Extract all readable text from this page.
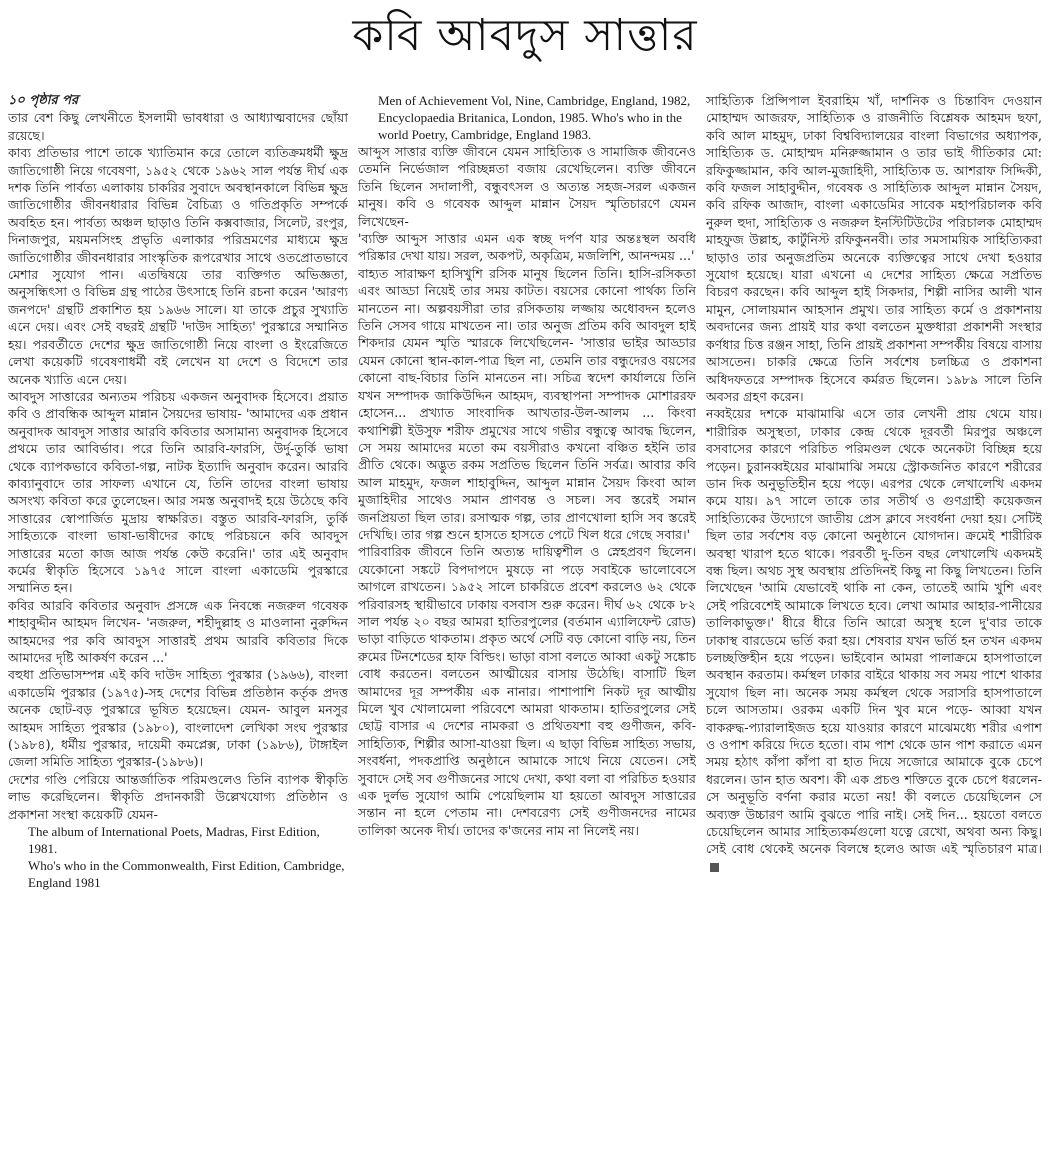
কবি আবদুস সাত্তার

১০ পৃষ্ঠার পর

তার বেশ কিছু লেখনীতে ইসলামী ভাবধারা ও আধ্যাত্মবাদের ছোঁয়া রয়েছে।

কাব্য প্রতিভার পাশে তাকে খ্যাতিমান করে তোলে ব্যতিক্রমধর্মী ক্ষুদ্র জাতিগোষ্ঠী নিয়ে গবেষণা, ১৯৫২ থেকে ১৯৬২ সাল পর্যন্ত দীর্ঘ এক দশক তিনি পার্বত্য এলাকায় চাকরির সুবাদে অবস্থানকালে বিভিন্ন ক্ষুদ্র জাতিগোষ্ঠীর জীবনধারার বিভিন্ন বৈচিত্র্য ও গতিপ্রকৃতি সম্পর্কে অবহিত হন। পার্বত্য অঞ্চল ছাড়াও তিনি কক্সবাজার, সিলেট, রংপুর, দিনাজপুর, ময়মনসিংহ প্রভৃতি এলাকার পরিভ্রমণের মাধ্যমে ক্ষুদ্র জাতিগোষ্ঠীর জীবনধারার সাংস্কৃতিক রূপরেখার সাথে ওতপ্রোতভাবে মেশার সুযোগ পান। এতদ্বিষয়ে তার ব্যক্তিগত অভিজ্ঞতা, অনুসন্ধিৎসা ও বিভিন্ন গ্রন্থ পাঠের উৎসাহে তিনি রচনা করেন 'আরণ্য জনপদে' গ্রন্থটি প্রকাশিত হয় ১৯৬৬ সালে। যা তাকে প্রচুর সুখ্যাতি এনে দেয়। এবং সেই বছরই গ্রন্থটি 'দাউদ সাহিত্য' পুরস্কারে সম্মানিত হয়। পরবর্তীতে দেশের ক্ষুদ্র জাতিগোষ্ঠী নিয়ে বাংলা ও ইংরেজিতে লেখা কয়েকটি গবেষণাধর্মী বই লেখেন যা দেশে ও বিদেশে তার অনেক খ্যাতি এনে দেয়।

আবদুস সাত্তারের অন্যতম পরিচয় একজন অনুবাদক হিসেবে। প্রয়াত কবি ও প্রাবন্ধিক আব্দুল মান্নান সৈয়দের ভাষায়- 'আমাদের এক প্রধান অনুবাদক আবদুস সাত্তার আরবি কবিতার অসামান্য অনুবাদক হিসেবে প্রথমে তার আবির্ভাব। পরে তিনি আরবি-ফারসি, উর্দু-তুর্কি ভাষা থেকে ব্যাপকভাবে কবিতা-গল্প, নাটক ইত্যাদি অনুবাদ করেন। আরবি কাব্যানুবাদে তার সাফল্য এখানে যে, তিনি তাদের বাংলা ভাষায় অসংখ্য কবিতা করে তুলেছেন। আর সমস্ত অনুবাদই হয়ে উঠেছে কবি সাত্তারের স্বোপার্জিত মুদ্রায় স্বাক্ষরিত। বস্তুত আরবি-ফারসি, তুর্কি সাহিত্যকে বাংলা ভাষা-ভাষীদের কাছে পরিচয়নে কবি আবদুস সাত্তারের মতো কাজ আজ পর্যন্ত কেউ করেনি।' তার এই অনুবাদ কর্মের স্বীকৃতি হিসেবে ১৯৭৫ সালে বাংলা একাডেমি পুরস্কারে সম্মানিত হন।

কবির আরবি কবিতার অনুবাদ প্রসঙ্গে এক নিবন্ধে নজরুল গবেষক শাহাবুদ্দীন আহমদ লিখেন- 'নজরুল, শহীদুল্লাহ ও মাওলানা নুরুদ্দিন আহমদের পর কবি আবদুস সাত্তারই প্রথম আরবি কবিতার দিকে আমাদের দৃষ্টি আকর্ষণ করেন ...'

বহুধা প্রতিভাসম্পন্ন এই কবি দাউদ সাহিত্য পুরস্কার (১৯৬৬), বাংলা একাডেমি পুরস্কার (১৯৭৫)-সহ দেশের বিভিন্ন প্রতিষ্ঠান কর্তৃক প্রদত্ত অনেক ছোট-বড় পুরস্কারে ভূষিত হয়েছেন। যেমন- আবুল মনসুর আহমদ সাহিত্য পুরস্কার (১৯৮০), বাংলাদেশ লেখিকা সংঘ পুরস্কার (১৯৮৪), ধর্মীয় পুরস্কার, দায়েমী কমপ্লেক্স, ঢাকা (১৯৮৬), টাঙ্গাইল জেলা সমিতি সাহিত্য পুরস্কার-(১৯৮৬)।

দেশের গণ্ডি পেরিয়ে আন্তর্জাতিক পরিমণ্ডলেও তিনি ব্যাপক স্বীকৃতি লাভ করেছিলেন। স্বীকৃতি প্রদানকারী উল্লেখযোগ্য প্রতিষ্ঠান ও প্রকাশনা সংস্থা কয়েকটি যেমন-

The album of International Poets, Madras, First Edition, 1981.

Who's who in the Commonwealth, First Edition, Cambridge, England 1981

Men of Achievement Vol, Nine, Cambridge, England, 1982,

Encyclopaedia Britanica, London, 1985. Who's who in the world Poetry, Cambridge, England 1983.

আব্দুস সাত্তার ব্যক্তি জীবনে যেমন সাহিত্যিক ও সামাজিক জীবনেও তেমনি নির্ভেজাল পরিচ্ছন্নতা বজায় রেখেছিলেন। ব্যক্তি জীবনে তিনি ছিলেন সদালাপী, বন্ধুবৎসল ও অত্যন্ত সহজ-সরল একজন মানুষ। কবি ও গবেষক আব্দুল মান্নান সৈয়দ স্মৃতিচারণে যেমন লিখেছেন-

'ব্যক্তি আব্দুস সাত্তার এমন এক স্বচ্ছ দর্পণ যার অন্তঃস্থল অবধি পরিষ্কার দেখা যায়। সরল, অকপট, অকৃত্রিম, মজলিশি, আনন্দময় ...'

বাহ্যত সারাক্ষণ হাসিখুশি রসিক মানুষ ছিলেন তিনি। হাসি-রসিকতা এবং আড্ডা নিয়েই তার সময় কাটত। বয়সের কোনো পার্থক্য তিনি মানতেন না। অল্পবয়সীরা তার রসিকতায় লজ্জায় অধোবদন হলেও তিনি সেসব গায়ে মাখতেন না। তার অনুজ প্রতিম কবি আবদুল হাই শিকদার যেমন স্মৃতি স্মারকে লিখেছিলেন- 'সাত্তার ভাইর আড্ডার যেমন কোনো স্থান-কাল-পাত্র ছিল না, তেমনি তার বন্ধুদেরও বয়সের কোনো বাছ-বিচার তিনি মানতেন না। সচিত্র স্বদেশ কার্যালয়ে তিনি যখন সম্পাদক জাকিউদ্দিন আহমদ, ব্যবস্থাপনা সম্পাদক মোশাররফ হোসেন... প্রখ্যাত সাংবাদিক আখতার-উল-আলম ... কিংবা কথাশিল্পী ইউসুফ শরীফ প্রমুখের সাথে গভীর বন্ধুত্বে আবদ্ধ ছিলেন, সে সময় আমাদের মতো কম বয়সীরাও কখনো বঞ্চিত হইনি তার প্রীতি থেকে। অদ্ভুত রকম সপ্রতিভ ছিলেন তিনি সর্বত্র। আবার কবি আল মাহমুদ, ফজল শাহাবুদ্দিন, আব্দুল মান্নান সৈয়দ কিংবা আল মুজাহিদীর সাথেও সমান প্রাণবন্ত ও সচল। সব স্তরেই সমান জনপ্রিয়তা ছিল তার। রসাত্মক গল্প, তার প্রাণখোলা হাসি সব স্তরেই দেখিছি। তার গল্প শুনে হাসতে হাসতে পেটে খিল ধরে গেছে সবার।'

পারিবারিক জীবনে তিনি অত্যন্ত দায়িত্বশীল ও স্নেহপ্রবণ ছিলেন। যেকোনো সঙ্কটে বিপদাপদে মুষড়ে না পড়ে সবাইকে ভালোবেসে আগলে রাখতেন। ১৯৫২ সালে চাকরিতে প্রবেশ করলেও ৬২ থেকে পরিবারসহ স্থায়ীভাবে ঢাকায় বসবাস শুরু করেন। দীর্ঘ ৬২ থেকে ৮২ সাল পর্যন্ত ২০ বছর আমরা হাতিরপুলের (বর্তমান এ্যালিফেন্ট রোড) ভাড়া বাড়িতে থাকতাম। প্রকৃত অর্থে সেটি বড় কোনো বাড়ি নয়, তিন রুমের টিনশেডের হাফ বিল্ডিং। ভাড়া বাসা বলতে আব্বা একটু সঙ্কোচ বোধ করতেন। বলতেন আত্মীয়ের বাসায় উঠেছি। বাসাটি ছিল আমাদের দূর সম্পর্কীয় এক নানার। পাশাপাশি নিকট দূর আত্মীয় মিলে খুব খোলামেলা পরিবেশে আমরা থাকতাম। হাতিরপুলের সেই ছোট্ট বাসার এ দেশের নামকরা ও প্রথিতযশা বহু গুণীজন, কবি-সাহিত্যিক, শিল্পীর আসা-যাওয়া ছিল। এ ছাড়া বিভিন্ন সাহিত্য সভায়, সংবর্ধনা, পদকপ্রাপ্তি অনুষ্ঠানে আমাকে সাথে নিয়ে যেতেন। সেই সুবাদে সেই সব গুণীজনের সাথে দেখা, কথা বলা বা পরিচিত হওয়ার এক দুর্লভ সুযোগ আমি পেয়েছিলাম যা হয়তো আবদুস সাত্তারের সন্তান না হলে পেতাম না। দেশবরেণ্য সেই গুণীজনদের নামের তালিকা অনেক দীর্ঘ। তাদের ক'জনের নাম না নিলেই নয়।

সাহিত্যিক প্রিন্সিপাল ইবরাহিম খাঁ, দার্শনিক ও চিন্তাবিদ দেওয়ান মোহাম্মদ আজরফ, সাহিত্যিক ও রাজনীতি বিশ্লেষক আহমদ ছফা, কবি আল মাহমুদ, ঢাকা বিশ্ববিদ্যালয়ের বাংলা বিভাগের অধ্যাপক, সাহিত্যিক ড. মোহাম্মদ মনিরুজ্জামান ও তার ভাই গীতিকার মো: রফিকুজ্জামান, কবি আল-মুজাহিদী, সাহিত্যিক ড. আশরাফ সিদ্দিকী, কবি ফজল সাহাবুদ্দীন, গবেষক ও সাহিত্যিক আব্দুল মান্নান সৈয়দ, কবি রফিক আজাদ, বাংলা একাডেমির সাবেক মহাপরিচালক কবি নুরুল হুদা, সাহিত্যিক ও নজরুল ইনস্টিটিউটের পরিচালক মোহাম্মদ মাহফুজ উল্লাহ, কার্টুনিস্ট রফিকুননবী। তার সমসাময়িক সাহিত্যিকরা ছাড়াও তার অনুজপ্রতিম অনেকে ব্যক্তিত্বের সাথে দেখা হওয়ার সুযোগ হয়েছে। যারা এখনো এ দেশের সাহিত্য ক্ষেত্রে সপ্রতিভ বিচরণ করছেন। কবি আব্দুল হাই সিকদার, শিল্পী নাসির আলী খান মামুন, সোলায়মান আহসান প্রমুখ। তার সাহিত্য কর্মে ও প্রকাশনায় অবদানের জন্য প্রায়ই যার কথা বলতেন মুক্তধারা প্রকাশনী সংস্থার কর্ণধার চিত্ত রঞ্জন সাহা, তিনি প্রায়ই প্রকাশনা সম্পর্কীয় বিষয়ে বাসায় আসতেন। চাকরি ক্ষেত্রে তিনি সর্বশেষ চলচ্চিত্র ও প্রকাশনা অধিদফতরে সম্পাদক হিসেবে কর্মরত ছিলেন। ১৯৮৯ সালে তিনি অবসর গ্রহণ করেন।

নব্বইয়ের দশকে মাঝামাঝি এসে তার লেখনী প্রায় থেমে যায়। শারীরিক অসুস্থতা, ঢাকার কেন্দ্র থেকে দূরবর্তী মিরপুর অঞ্চলে বসবাসের কারণে পরিচিত পরিমণ্ডল থেকে অনেকটা বিচ্ছিন্ন হয়ে পড়েন। চুরানব্বইয়ের মাঝামাঝি সময়ে স্ট্রোকজনিত কারণে শরীরের ডান দিক অনুভূতিহীন হয়ে পড়ে। এরপর থেকে লেখালেখি একদম কমে যায়। ৯৭ সালে তাকে তার সতীর্থ ও গুণগ্রাহী কয়েকজন সাহিত্যিকের উদ্যোগে জাতীয় প্রেস ক্লাবে সংবর্ধনা দেয়া হয়। সেটিই ছিল তার সর্বশেষ বড় কোনো অনুষ্ঠানে যোগদান। ক্রমেই শারীরিক অবস্থা খারাপ হতে থাকে। পরবর্তী দু-তিন বছর লেখালেখি একদমই বন্ধ ছিল। অথচ সুস্থ অবস্থায় প্রতিদিনই কিছু না কিছু লিখতেন। তিনি লিখেছেন 'আমি যেভাবেই থাকি না কেন, তাতেই আমি খুশি এবং সেই পরিবেশেই আমাকে লিখতে হবে। লেখা আমার আহার-পানীয়ের তালিকাভুক্ত।' ধীরে ধীরে তিনি আরো অসুস্থ হলে দু'বার তাকে ঢাকাস্থ বারডেমে ভর্তি করা হয়। শেষবার যখন ভর্তি হন তখন একদম চলচ্ছক্তিহীন হয়ে পড়েন। ভাইবোন আমরা পালাক্রমে হাসপাতালে অবস্থান করতাম। কর্মস্থল ঢাকার বাইরে থাকায় সব সময় পাশে থাকার সুযোগ ছিল না। অনেক সময় কর্মস্থল থেকে সরাসরি হাসপাতালে চলে আসতাম। ওরকম একটি দিন খুব মনে পড়ে- আব্বা যখন বাকরুদ্ধ-প্যারালাইজড হয়ে যাওয়ার কারণে মাঝেমধ্যে শরীর এপাশ ও ওপাশ করিয়ে দিতে হতো। বাম পাশ থেকে ডান পাশ করাতে এমন সময় হঠাৎ কাঁপা কাঁপা বা হাত দিয়ে সজোরে আমাকে বুকে চেপে ধরলেন। ডান হাত অবশ। কী এক প্রচণ্ড শক্তিতে বুকে চেপে ধরলেন- সে অনুভূতি বর্ণনা করার মতো নয়! কী বলতে চেয়েছিলেন সে অব্যক্ত উচ্চারণ আমি বুঝতে পারি নাই। সেই দিন... হয়তো বলতে চেয়েছিলেন আমার সাহিত্যকর্মগুলো যত্নে রেখো, অথবা অন্য কিছু। সেই বোধ থেকেই অনেক বিলম্বে হলেও আজ এই স্মৃতিচারণ মাত্র।
